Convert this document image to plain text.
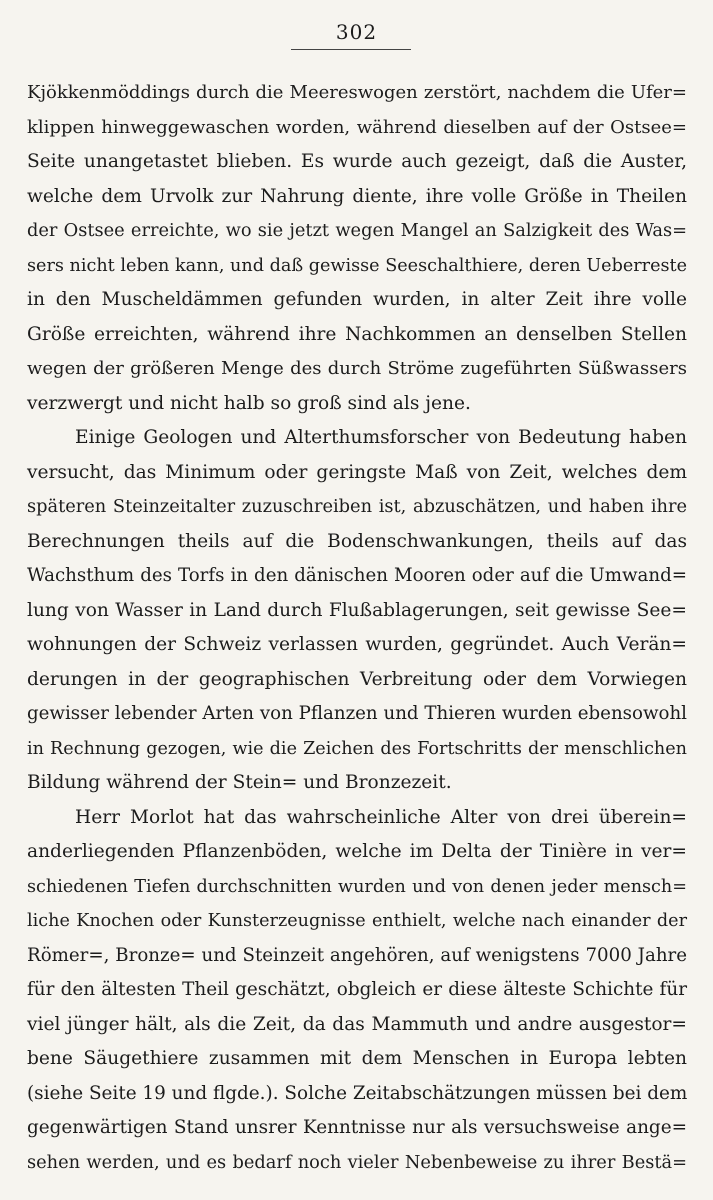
302
Kjökkenmöddings durch die Meereswogen zerstört, nachdem die Ufer=
klippen hinweggewaschen worden, während dieselben auf der Ostsee=
Seite unangetastet blieben. Es wurde auch gezeigt, daß die Auster,
welche dem Urvolk zur Nahrung diente, ihre volle Größe in Theilen
der Ostsee erreichte, wo sie jetzt wegen Mangel an Salzigkeit des Was=
sers nicht leben kann, und daß gewisse Seeschalthiere, deren Ueberreste
in den Muscheldämmen gefunden wurden, in alter Zeit ihre volle
Größe erreichten, während ihre Nachkommen an denselben Stellen
wegen der größeren Menge des durch Ströme zugeführten Süßwassers
verzwergt und nicht halb so groß sind als jene.
Einige Geologen und Alterthumsforscher von Bedeutung haben
versucht, das Minimum oder geringste Maß von Zeit, welches dem
späteren Steinzeitalter zuzuschreiben ist, abzuschätzen, und haben ihre
Berechnungen theils auf die Bodenschwankungen, theils auf das
Wachsthum des Torfs in den dänischen Mooren oder auf die Umwand=
lung von Wasser in Land durch Flußablagerungen, seit gewisse See=
wohnungen der Schweiz verlassen wurden, gegründet. Auch Verän=
derungen in der geographischen Verbreitung oder dem Vorwiegen
gewisser lebender Arten von Pflanzen und Thieren wurden ebensowohl
in Rechnung gezogen, wie die Zeichen des Fortschritts der menschlichen
Bildung während der Stein= und Bronzezeit.
Herr Morlot hat das wahrscheinliche Alter von drei überein=
anderliegenden Pflanzenböden, welche im Delta der Tinière in ver=
schiedenen Tiefen durchschnitten wurden und von denen jeder mensch=
liche Knochen oder Kunsterzeugnisse enthielt, welche nach einander der
Römer=, Bronze= und Steinzeit angehören, auf wenigstens 7000 Jahre
für den ältesten Theil geschätzt, obgleich er diese älteste Schichte für
viel jünger hält, als die Zeit, da das Mammuth und andre ausgestor=
bene Säugethiere zusammen mit dem Menschen in Europa lebten
(siehe Seite 19 und flgde.). Solche Zeitabschätzungen müssen bei dem
gegenwärtigen Stand unsrer Kenntnisse nur als versuchsweise ange=
sehen werden, und es bedarf noch vieler Nebenbeweise zu ihrer Bestä=
